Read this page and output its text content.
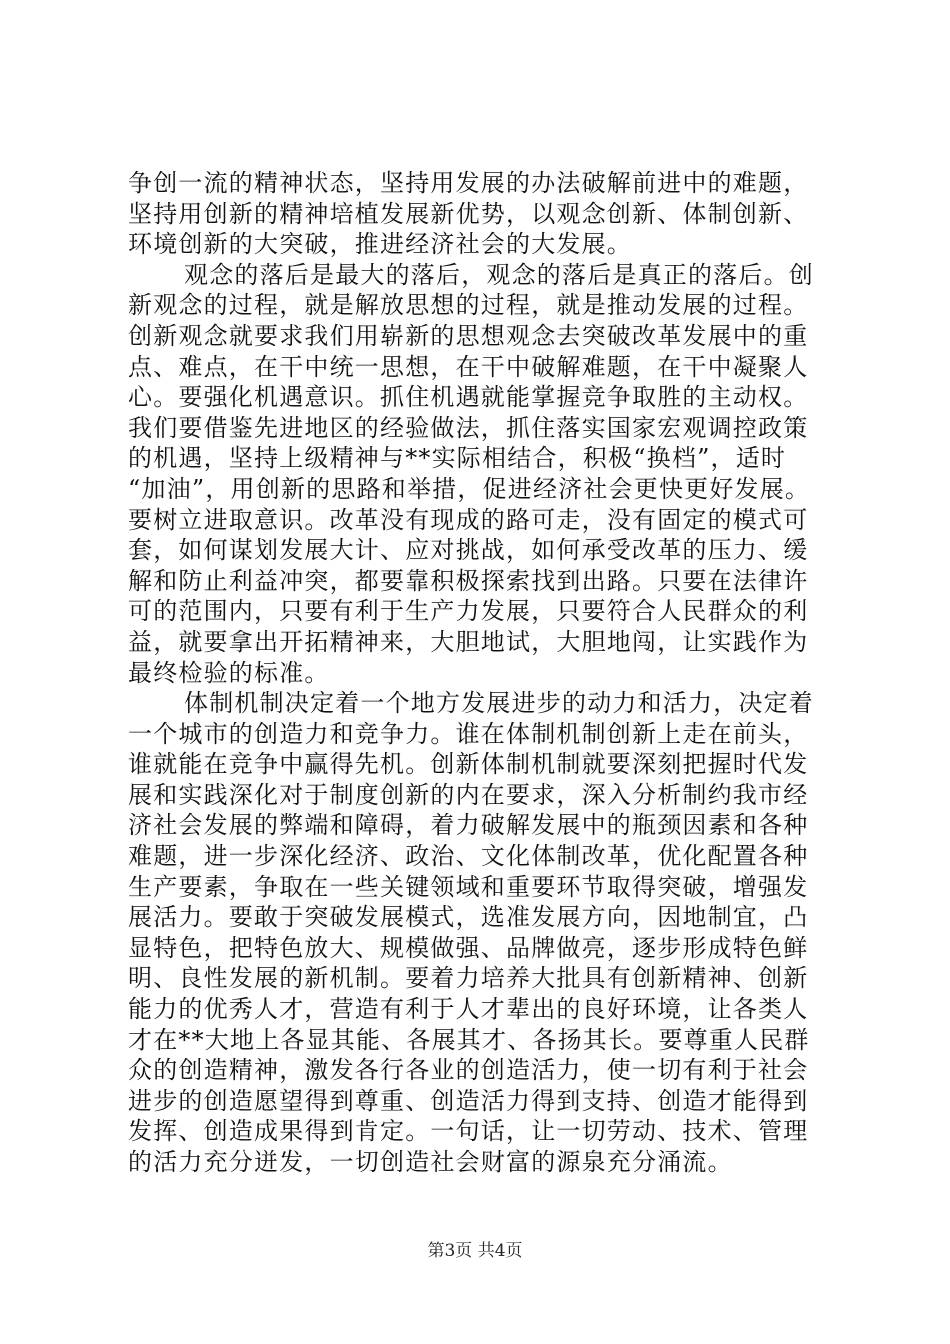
争创一流的精神状态，坚持用发展的办法破解前进中的难题，
坚持用创新的精神培植发展新优势，以观念创新、体制创新、
环境创新的大突破，推进经济社会的大发展。
观念的落后是最大的落后，观念的落后是真正的落后。创
新观念的过程，就是解放思想的过程，就是推动发展的过程。
创新观念就要求我们用崭新的思想观念去突破改革发展中的重
点、难点，在干中统一思想，在干中破解难题，在干中凝聚人
心。要强化机遇意识。抓住机遇就能掌握竞争取胜的主动权。
我们要借鉴先进地区的经验做法，抓住落实国家宏观调控政策
的机遇，坚持上级精神与**实际相结合，积极“换档”，适时
“加油”，用创新的思路和举措，促进经济社会更快更好发展。
要树立进取意识。改革没有现成的路可走，没有固定的模式可
套，如何谋划发展大计、应对挑战，如何承受改革的压力、缓
解和防止利益冲突，都要靠积极探索找到出路。只要在法律许
可的范围内，只要有利于生产力发展，只要符合人民群众的利
益，就要拿出开拓精神来，大胆地试，大胆地闯，让实践作为
最终检验的标准。
体制机制决定着一个地方发展进步的动力和活力，决定着
一个城市的创造力和竞争力。谁在体制机制创新上走在前头，
谁就能在竞争中赢得先机。创新体制机制就要深刻把握时代发
展和实践深化对于制度创新的内在要求，深入分析制约我市经
济社会发展的弊端和障碍，着力破解发展中的瓶颈因素和各种
难题，进一步深化经济、政治、文化体制改革，优化配置各种
生产要素，争取在一些关键领域和重要环节取得突破，增强发
展活力。要敢于突破发展模式，选准发展方向，因地制宜，凸
显特色，把特色放大、规模做强、品牌做亮，逐步形成特色鲜
明、良性发展的新机制。要着力培养大批具有创新精神、创新
能力的优秀人才，营造有利于人才辈出的良好环境，让各类人
才在**大地上各显其能、各展其才、各扬其长。要尊重人民群
众的创造精神，激发各行各业的创造活力，使一切有利于社会
进步的创造愿望得到尊重、创造活力得到支持、创造才能得到
发挥、创造成果得到肯定。一句话，让一切劳动、技术、管理
的活力充分迸发，一切创造社会财富的源泉充分涌流。
第3页 共4页
